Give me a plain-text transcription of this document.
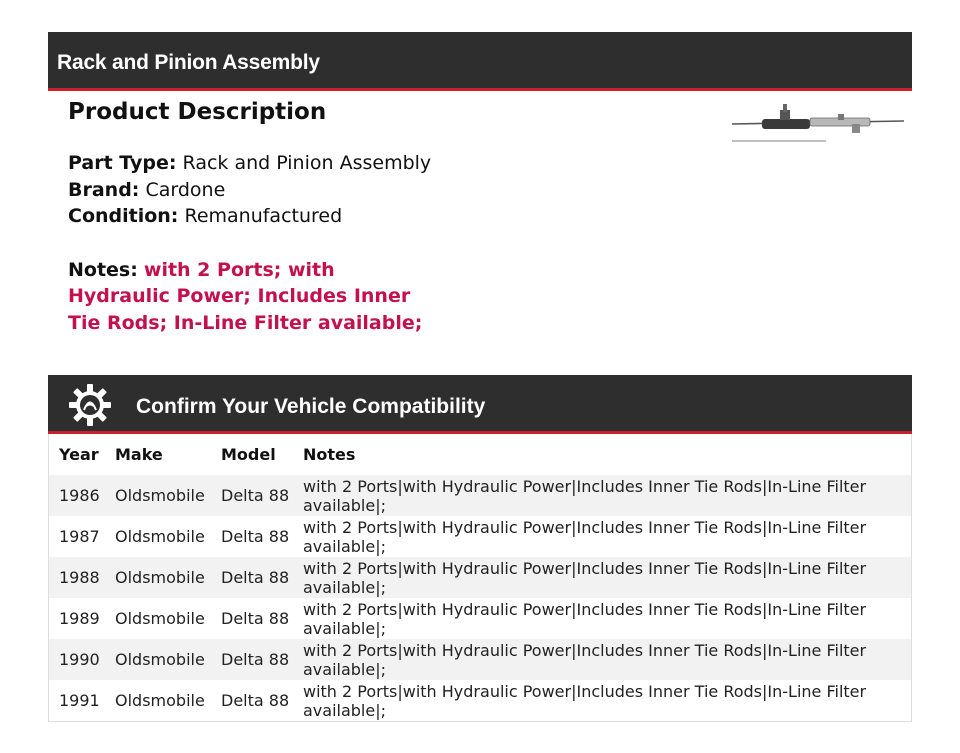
Rack and Pinion Assembly
Product Description
Part Type: Rack and Pinion Assembly
Brand: Cardone
Condition: Remanufactured
Notes: with 2 Ports; with Hydraulic Power; Includes Inner Tie Rods; In-Line Filter available;
Confirm Your Vehicle Compatibility
Year	Make	Model	Notes
1986	Oldsmobile	Delta 88	with 2 Ports|with Hydraulic Power|Includes Inner Tie Rods|In-Line Filter available|;
1987	Oldsmobile	Delta 88	with 2 Ports|with Hydraulic Power|Includes Inner Tie Rods|In-Line Filter available|;
1988	Oldsmobile	Delta 88	with 2 Ports|with Hydraulic Power|Includes Inner Tie Rods|In-Line Filter available|;
1989	Oldsmobile	Delta 88	with 2 Ports|with Hydraulic Power|Includes Inner Tie Rods|In-Line Filter available|;
1990	Oldsmobile	Delta 88	with 2 Ports|with Hydraulic Power|Includes Inner Tie Rods|In-Line Filter available|;
1991	Oldsmobile	Delta 88	with 2 Ports|with Hydraulic Power|Includes Inner Tie Rods|In-Line Filter available|;
